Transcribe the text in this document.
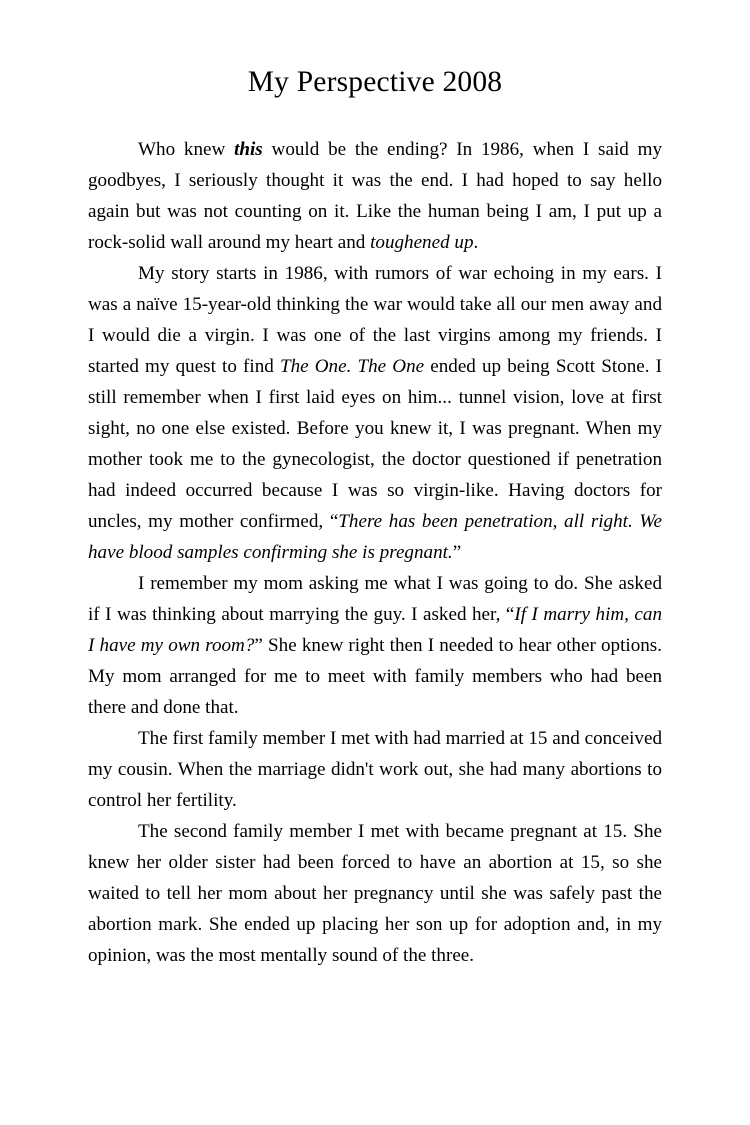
My Perspective 2008

Who knew this would be the ending? In 1986, when I said my goodbyes, I seriously thought it was the end. I had hoped to say hello again but was not counting on it. Like the human being I am, I put up a rock-solid wall around my heart and toughened up.

My story starts in 1986, with rumors of war echoing in my ears. I was a naïve 15-year-old thinking the war would take all our men away and I would die a virgin. I was one of the last virgins among my friends. I started my quest to find The One. The One ended up being Scott Stone. I still remember when I first laid eyes on him... tunnel vision, love at first sight, no one else existed. Before you knew it, I was pregnant. When my mother took me to the gynecologist, the doctor questioned if penetration had indeed occurred because I was so virgin-like. Having doctors for uncles, my mother confirmed, “There has been penetration, all right. We have blood samples confirming she is pregnant.”

I remember my mom asking me what I was going to do. She asked if I was thinking about marrying the guy. I asked her, “If I marry him, can I have my own room?” She knew right then I needed to hear other options. My mom arranged for me to meet with family members who had been there and done that.

The first family member I met with had married at 15 and conceived my cousin. When the marriage didn't work out, she had many abortions to control her fertility.

The second family member I met with became pregnant at 15. She knew her older sister had been forced to have an abortion at 15, so she waited to tell her mom about her pregnancy until she was safely past the abortion mark. She ended up placing her son up for adoption and, in my opinion, was the most mentally sound of the three.
